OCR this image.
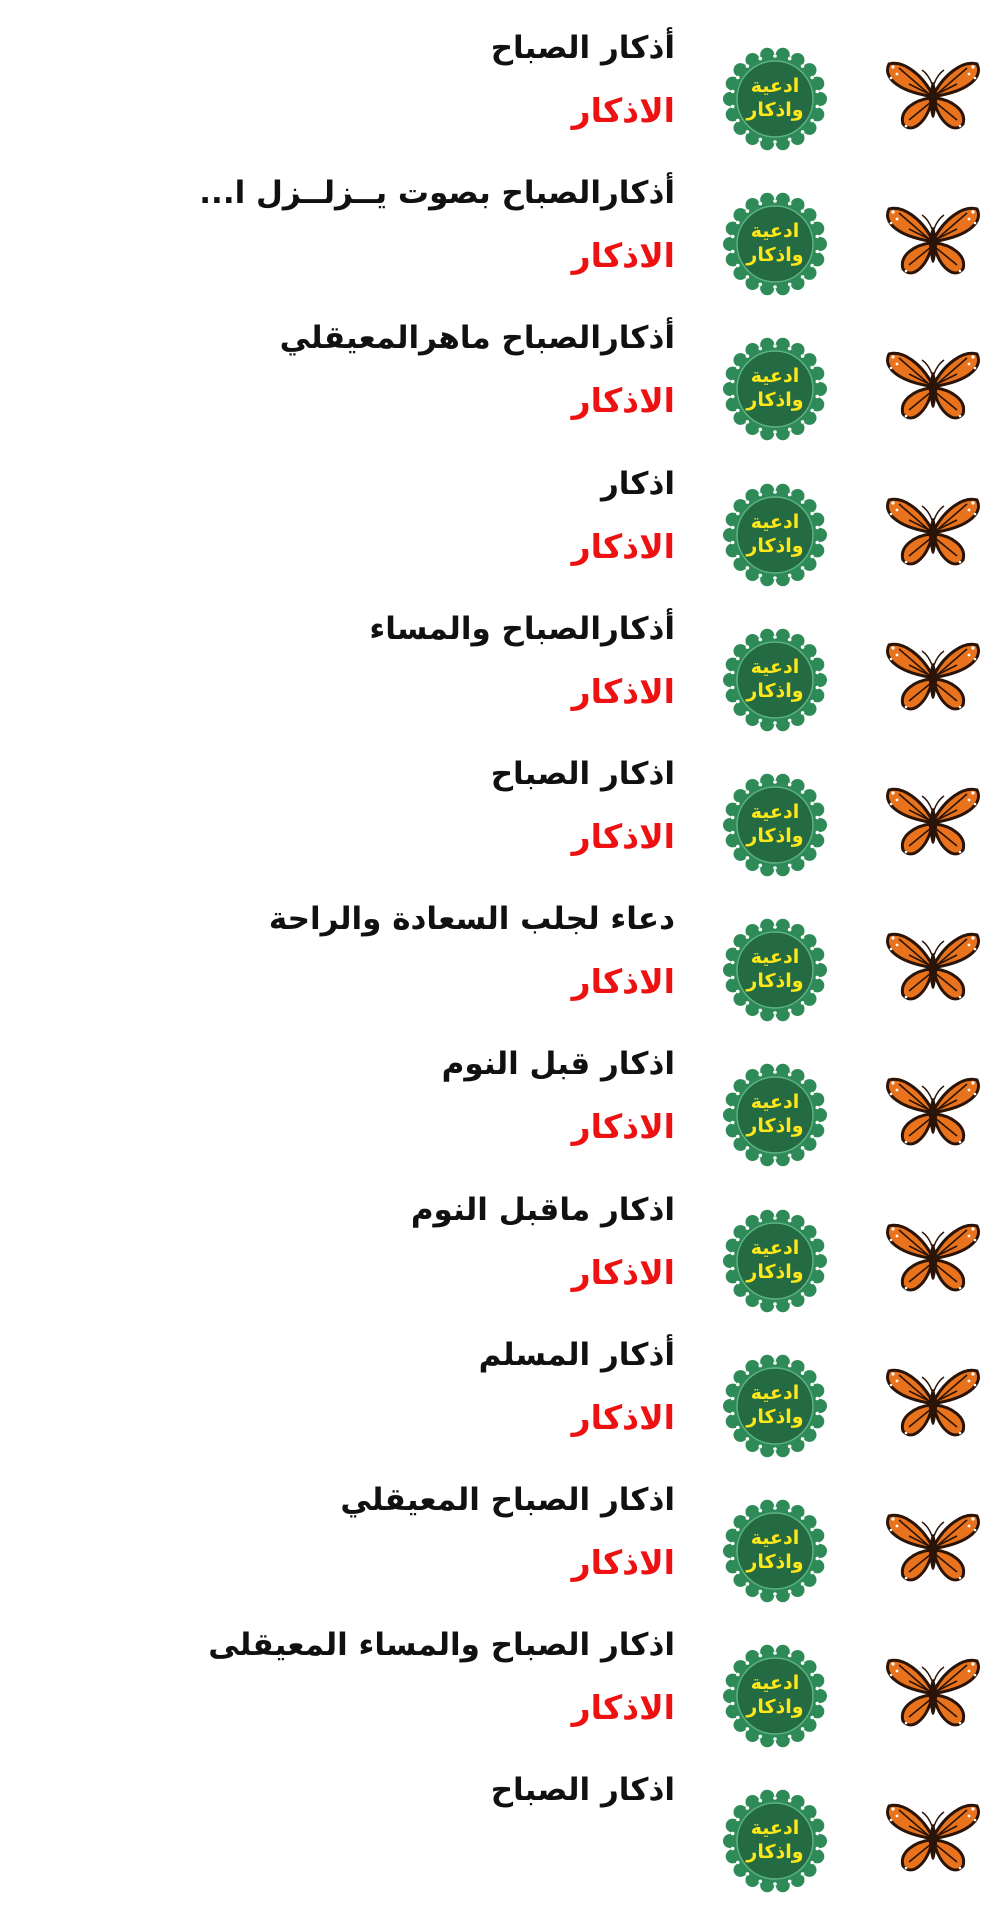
أذكار الصباح
الاذكار
ادعية
واذكار
أذكارالصباح بصوت يــزلــزل ا...
الاذكار
ادعية
واذكار
أذكارالصباح ماهرالمعيقلي
الاذكار
ادعية
واذكار
اذكار
الاذكار
ادعية
واذكار
أذكارالصباح والمساء
الاذكار
ادعية
واذكار
اذكار الصباح
الاذكار
ادعية
واذكار
دعاء لجلب السعادة والراحة
الاذكار
ادعية
واذكار
اذكار قبل النوم
الاذكار
ادعية
واذكار
اذكار ماقبل النوم
الاذكار
ادعية
واذكار
أذكار المسلم
الاذكار
ادعية
واذكار
اذكار الصباح المعيقلي
الاذكار
ادعية
واذكار
اذكار الصباح والمساء المعيقلى
الاذكار
ادعية
واذكار
اذكار الصباح
ادعية
واذكار
